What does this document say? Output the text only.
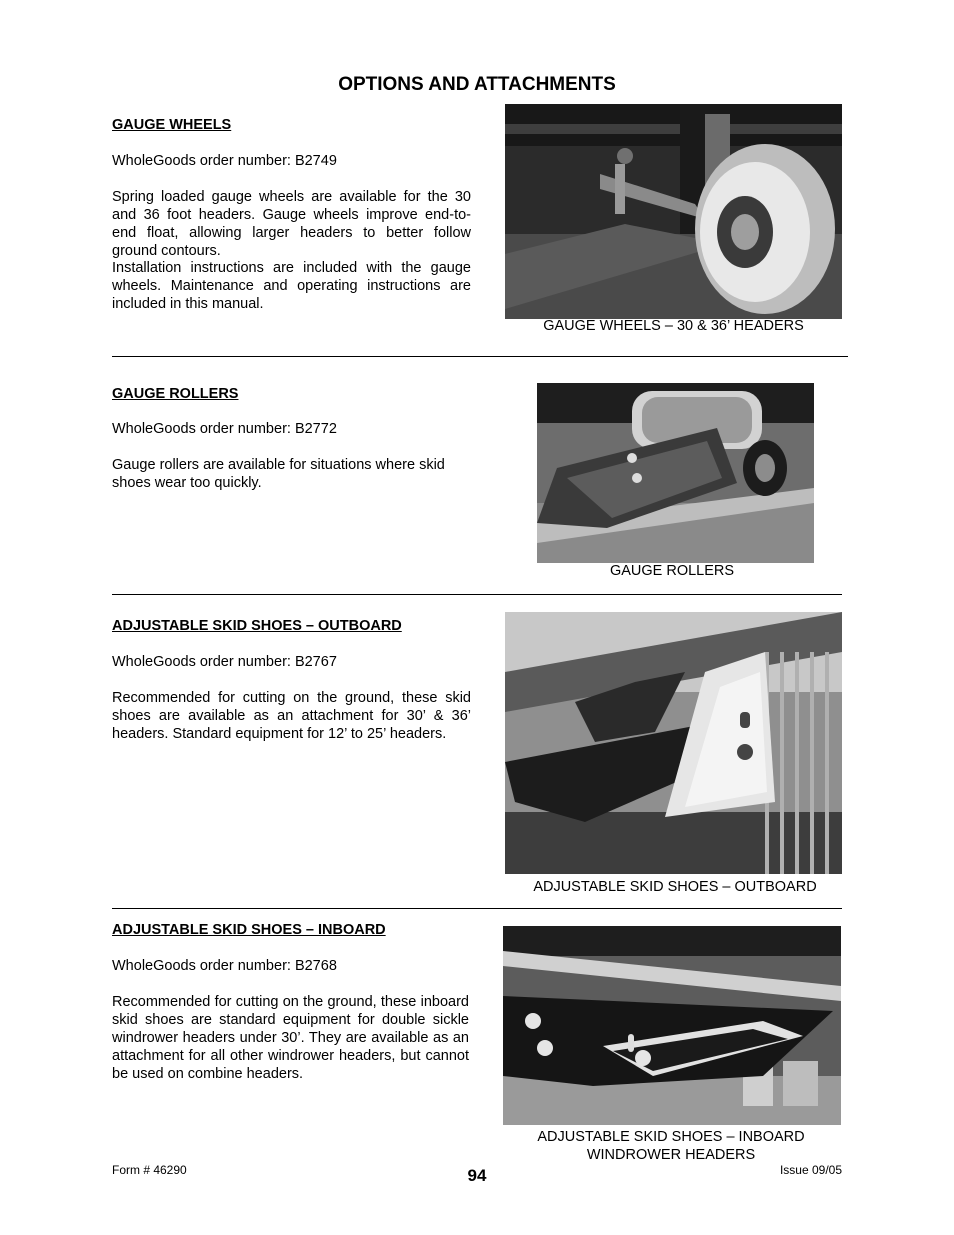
OPTIONS AND ATTACHMENTS
GAUGE WHEELS
WholeGoods order number: B2749

Spring loaded gauge wheels are available for the 30 and 36 foot headers. Gauge wheels improve end-to-end float, allowing larger headers to better follow ground contours.

Installation instructions are included with the gauge wheels. Maintenance and operating instructions are included in this manual.

GAUGE WHEELS – 30 & 36’ HEADERS
GAUGE ROLLERS
WholeGoods order number: B2772

Gauge rollers are available for situations where skid shoes wear too quickly.

GAUGE ROLLERS
ADJUSTABLE SKID SHOES – OUTBOARD
WholeGoods order number: B2767

Recommended for cutting on the ground, these skid shoes are available as an attachment for 30’ & 36’ headers. Standard equipment for 12’ to 25’ headers.

ADJUSTABLE SKID SHOES – OUTBOARD
ADJUSTABLE SKID SHOES – INBOARD
WholeGoods order number: B2768

Recommended for cutting on the ground, these inboard skid shoes are standard equipment for double sickle windrower headers under 30’. They are available as an attachment for all other windrower headers, but cannot be used on combine headers.

ADJUSTABLE SKID SHOES – INBOARD
WINDROWER HEADERS
Form # 46290	94	Issue 09/05
